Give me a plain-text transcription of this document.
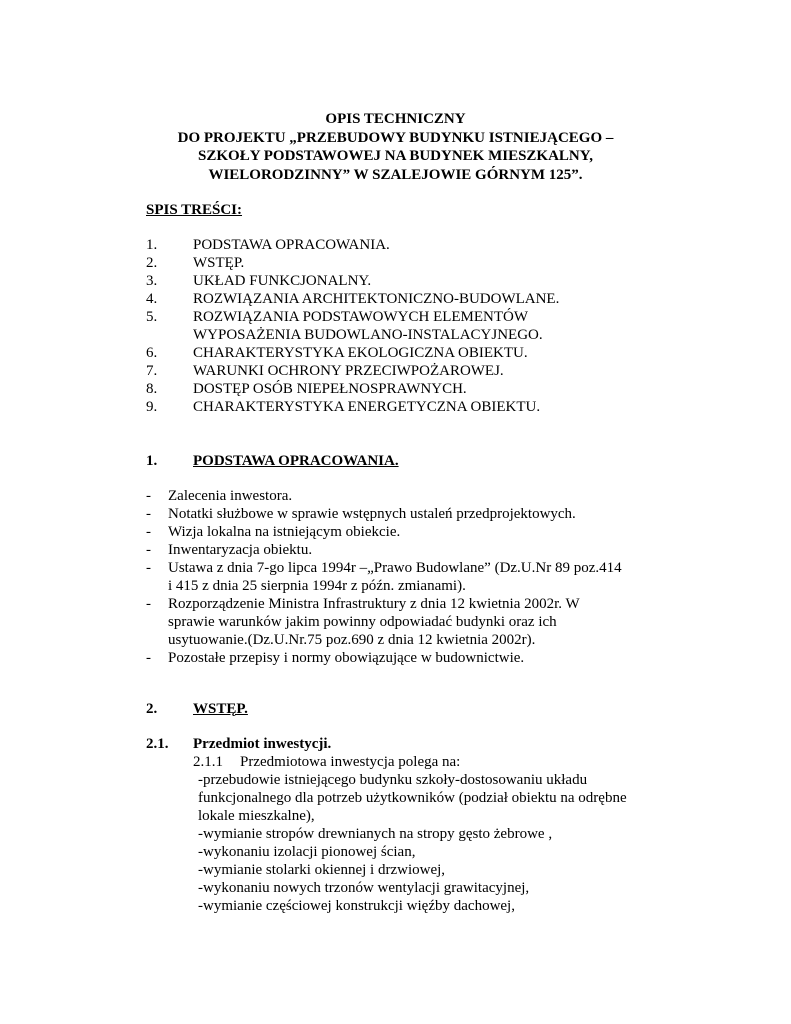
OPIS TECHNICZNY
DO PROJEKTU „PRZEBUDOWY BUDYNKU ISTNIEJĄCEGO –
SZKOŁY PODSTAWOWEJ NA BUDYNEK MIESZKALNY,
WIELORODZINNY” W SZALEJOWIE GÓRNYM 125”.
SPIS TREŚCI:
1.	PODSTAWA OPRACOWANIA.
2.	WSTĘP.
3.	UKŁAD FUNKCJONALNY.
4.	ROZWIĄZANIA ARCHITEKTONICZNO-BUDOWLANE.
5.	ROZWIĄZANIA PODSTAWOWYCH ELEMENTÓW
WYPOSAŻENIA BUDOWLANO-INSTALACYJNEGO.
6.	CHARAKTERYSTYKA EKOLOGICZNA OBIEKTU.
7.	WARUNKI OCHRONY PRZECIWPOŻAROWEJ.
8.	DOSTĘP OSÓB NIEPEŁNOSPRAWNYCH.
9.	CHARAKTERYSTYKA ENERGETYCZNA OBIEKTU.
1. PODSTAWA OPRACOWANIA.
-	Zalecenia inwestora.
-	Notatki służbowe w sprawie wstępnych ustaleń przedprojektowych.
-	Wizja lokalna na istniejącym obiekcie.
-	Inwentaryzacja obiektu.
-	Ustawa z dnia 7-go lipca 1994r –„Prawo Budowlane” (Dz.U.Nr 89 poz.414
i 415 z dnia 25 sierpnia 1994r z późn. zmianami).
-	Rozporządzenie Ministra Infrastruktury z dnia 12 kwietnia 2002r. W
sprawie warunków jakim powinny odpowiadać budynki oraz ich
usytuowanie.(Dz.U.Nr.75 poz.690 z dnia 12 kwietnia 2002r).
-	Pozostałe przepisy i normy obowiązujące w budownictwie.
2. WSTĘP.
2.1. Przedmiot inwestycji.
2.1.1 Przedmiotowa inwestycja polega na:
-przebudowie istniejącego budynku szkoły-dostosowaniu układu
funkcjonalnego dla potrzeb użytkowników (podział obiektu na odrębne
lokale mieszkalne),
-wymianie stropów drewnianych na stropy gęsto żebrowe ,
-wykonaniu izolacji pionowej ścian,
-wymianie stolarki okiennej i drzwiowej,
-wykonaniu nowych trzonów wentylacji grawitacyjnej,
-wymianie częściowej konstrukcji więźby dachowej,
